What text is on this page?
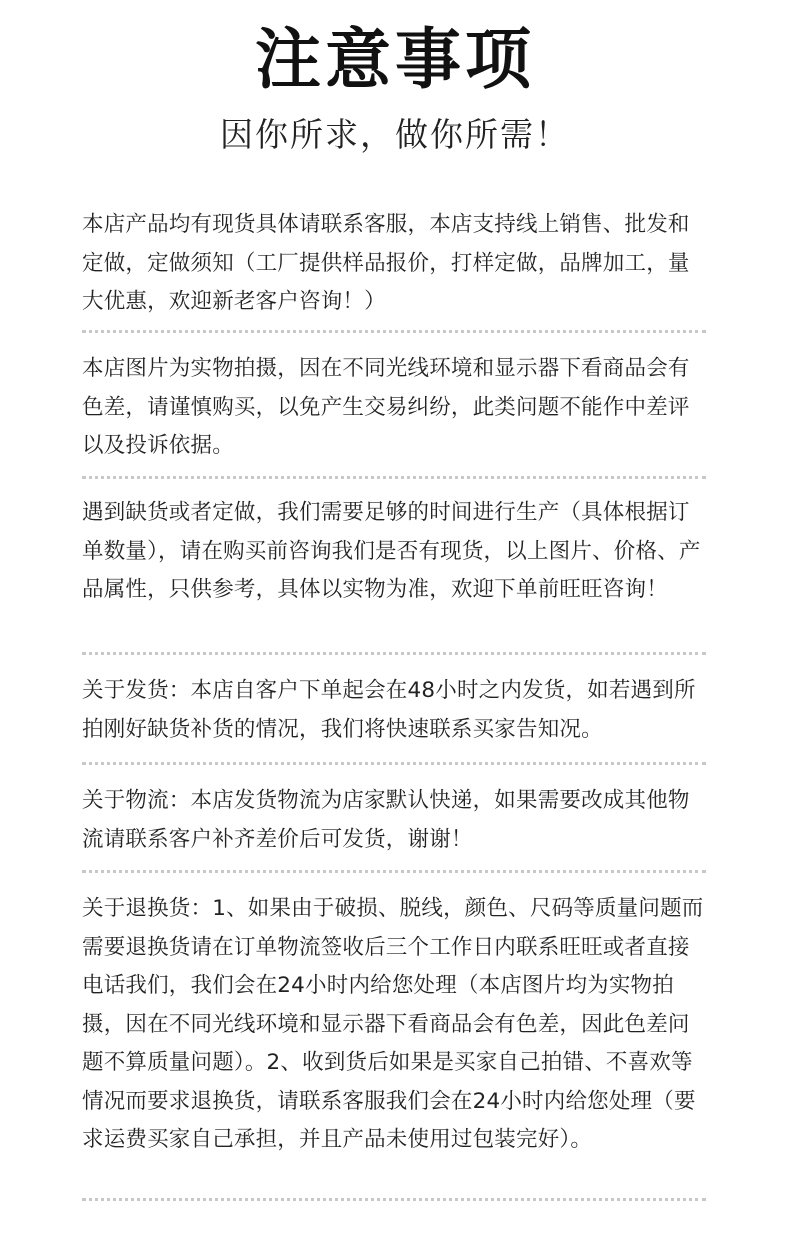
注意事项
因你所求，做你所需！
本店产品均有现货具体请联系客服，本店支持线上销售、批发和定做，定做须知（工厂提供样品报价，打样定做，品牌加工，量大优惠，欢迎新老客户咨询！）
本店图片为实物拍摄，因在不同光线环境和显示器下看商品会有色差，请谨慎购买，以免产生交易纠纷，此类问题不能作中差评以及投诉依据。
遇到缺货或者定做，我们需要足够的时间进行生产（具体根据订单数量），请在购买前咨询我们是否有现货，以上图片、价格、产品属性，只供参考，具体以实物为准，欢迎下单前旺旺咨询！
关于发货：本店自客户下单起会在48小时之内发货，如若遇到所拍刚好缺货补货的情况，我们将快速联系买家告知况。
关于物流：本店发货物流为店家默认快递，如果需要改成其他物流请联系客户补齐差价后可发货，谢谢！
关于退换货：1、如果由于破损、脱线，颜色、尺码等质量问题而需要退换货请在订单物流签收后三个工作日内联系旺旺或者直接电话我们，我们会在24小时内给您处理（本店图片均为实物拍摄，因在不同光线环境和显示器下看商品会有色差，因此色差问题不算质量问题）。2、收到货后如果是买家自己拍错、不喜欢等情况而要求退换货，请联系客服我们会在24小时内给您处理（要求运费买家自己承担，并且产品未使用过包装完好）。
